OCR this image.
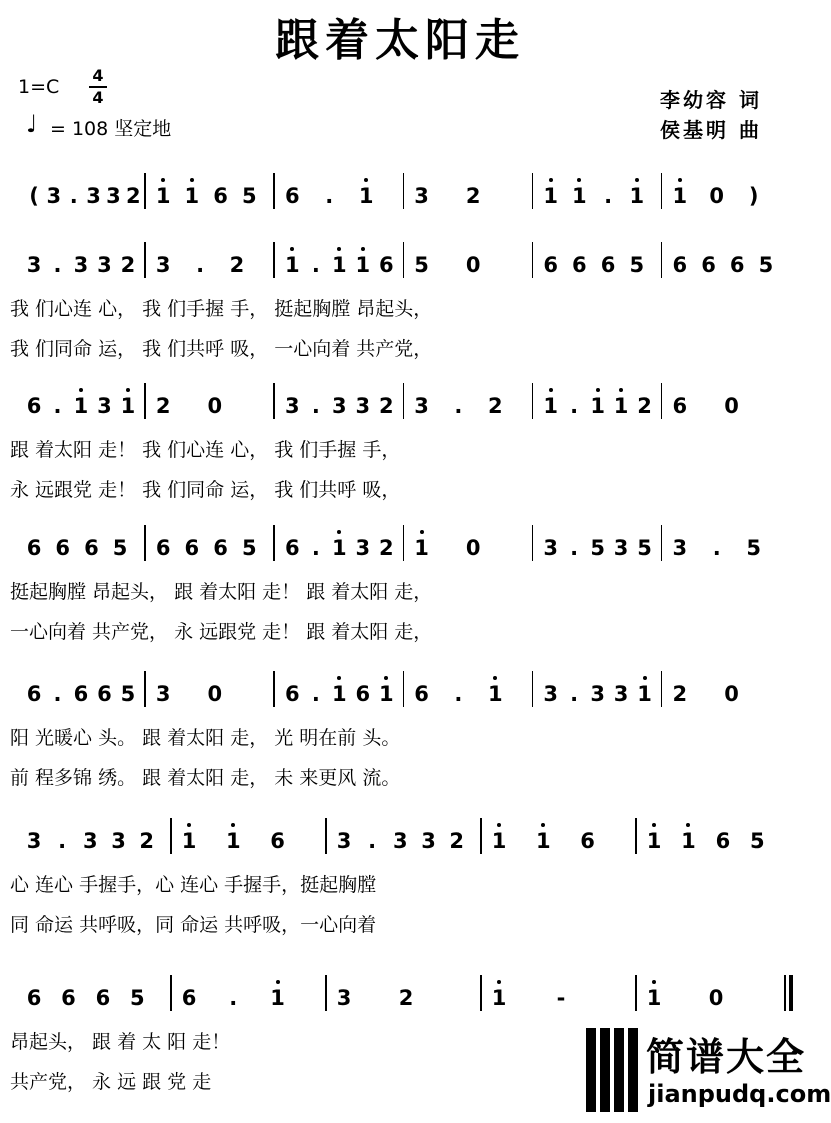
跟着太阳走
1=C
4
4
♩ = 108 坚定地
李幼容 词
侯基明 曲
( 3 . 3 3 2 1 1 6 5 6	.	1 3 2	1 1 . 1 1 0 )
3 . 3 3 2 3	.	2 1 . 1 1 6 5 0	6 6 6 5 6 6 6 5
我 们心连 心， 我 们手握 手， 挺起胸膛 昂起头，
我 们同命 运， 我 们共呼 吸， 一心向着 共产党，
6 . 1 3 1 2 0	3 . 3 3 2 3	.	2 1 . 1 1 2 6 0
跟 着太阳 走！ 我 们心连 心， 我 们手握 手，
永 远跟党 走！ 我 们同命 运， 我 们共呼 吸，
6 6 6 5 6 6 6 5 6 . 1 3 2 1 0	3 . 5 3 5 3	.	5
挺起胸膛 昂起头， 跟 着太阳 走！ 跟 着太阳 走，
一心向着 共产党， 永 远跟党 走！ 跟 着太阳 走，
6 . 6 6 5 3 0	6 . 1 6 1 6	.	1 3 . 3 3 1 2 0
阳 光暖心 头。 跟 着太阳 走， 光 明在前 头。
前 程多锦 绣。 跟 着太阳 走， 未 来更风 流。
3 . 3 3 2 1 1 6 3 . 3 3 2 1 1 6 1 1 6 5
心 连心 手握手，心 连心 手握手，挺起胸膛
同 命运 共呼吸，同 命运 共呼吸，一心向着
6 6 6 5 6	.	1 3 2	1	-	1 0
昂起头， 跟 着 太 阳 走！
共产党， 永 远 跟 党 走
简谱大全
jianpudq.com
